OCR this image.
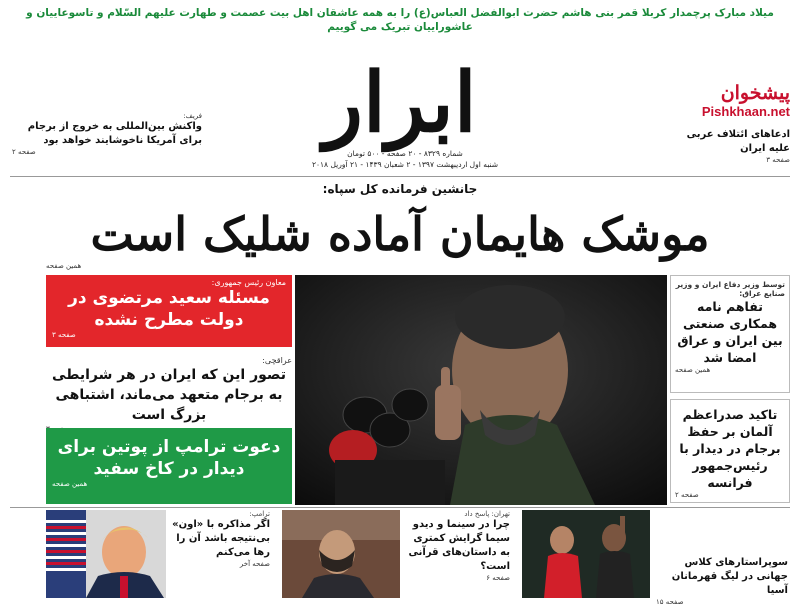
میلاد مبارک پرچمدار کربلا قمر بنی هاشم حضرت ابوالفضل العباس(ع) را به همه عاشقان اهل بیت عصمت و طهارت علیهم السّلام و تاسوعاییان و عاشوراییان تبریک می گوییم
ابرار
شماره ۸۳۲۹ - ۲۰ صفحه - ۵۰۰ تومان
شنبه اول اردیبهشت ۱۳۹۷ - ۲ شعبان ۱۴۳۹ - ۲۱ آوریل ۲۰۱۸
پیشخوان
Pishkhaan.net
ادعاهای ائتلاف عربی علیه ایران
صفحه ۳
فریف:
واکنش بین‌المللی به خروج از برجام برای آمریکا ناخوشایند خواهد بود
صفحه ۲
جانشین فرمانده کل سپاه:
موشک هایمان آماده شلیک است
همین صفحه
معاون رئیس جمهوری:
مسئله سعید مرتضوی در دولت مطرح نشده
صفحه ۳
عراقچی:
تصور این که ایران در هر شرایطی به برجام متعهد می‌ماند، اشتباهی بزرگ است
دعوت ترامپ از پوتین برای دیدار در کاخ سفید
همین صفحه
توسط وزیر دفاع ایران و وزیر صنایع عراق:
تفاهم نامه همکاری صنعتی بین ایران و عراق امضا شد
همین صفحه
تاکید صدراعظم آلمان بر حفظ برجام در دیدار با رئیس‌جمهور فرانسه
صفحه ۲
ترامپ:
اگر مذاکره با «اون» بی‌نتیجه باشد آن را رها می‌کنم
صفحه آخر
تهران: پاسخ داد
چرا در سینما و دیدو سیما گرایش کمتری به داستان‌های قرآنی است؟
صفحه ۶
سوپراستارهای کلاس جهانی در لیگ قهرمانان آسیا
صفحه ۱۵
